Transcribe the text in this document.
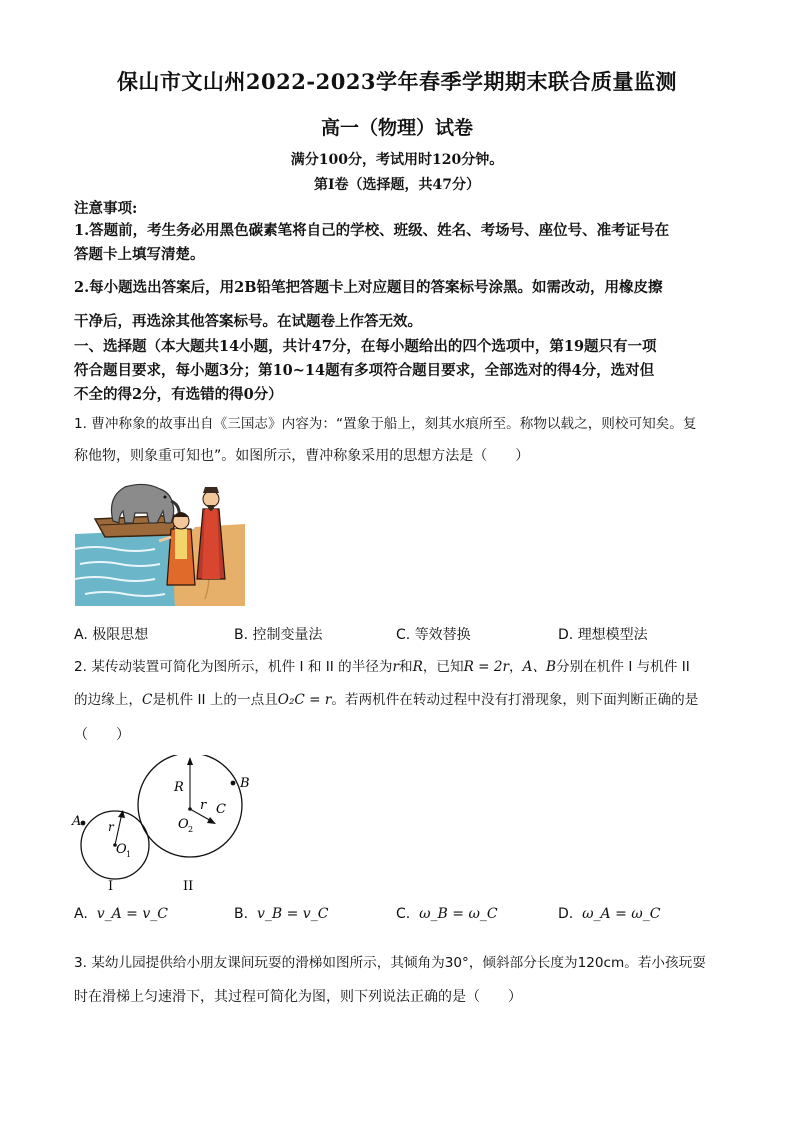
保山市文山州2022-2023学年春季学期期末联合质量监测
高一（物理）试卷
满分100分，考试用时120分钟。
第I卷（选择题，共47分）
注意事项:
1.答题前，考生务必用黑色碳素笔将自己的学校、班级、姓名、考场号、座位号、准考证号在
答题卡上填写清楚。
2.每小题选出答案后，用2B铅笔把答题卡上对应题目的答案标号涂黑。如需改动，用橡皮擦
干净后，再选涂其他答案标号。在试题卷上作答无效。
一、选择题（本大题共14小题，共计47分，在每小题给出的四个选项中，第19题只有一项
符合题目要求，每小题3分；第10~14题有多项符合题目要求，全部选对的得4分，选对但
不全的得2分，有选错的得0分）
1. 曹冲称象的故事出自《三国志》内容为：“置象于船上，刻其水痕所至。称物以载之，则校可知矣。复
称他物，则象重可知也”。如图所示，曹冲称象采用的思想方法是（　　）
A. 极限思想	B. 控制变量法	C. 等效替换	D. 理想模型法
2. 某传动装置可简化为图所示，机件 I 和 II 的半径为r和R，已知R = 2r，A、B分别在机件 I 与机件 II
的边缘上，C是机件 II 上的一点且O₂C = r。若两机件在转动过程中没有打滑现象，则下面判断正确的是
（　　）
R
r C
B
O 2
A r
O 1
I	II
A. v_A = v_C	B. v_B = v_C	C. ω_B = ω_C	D. ω_A = ω_C
3. 某幼儿园提供给小朋友课间玩耍的滑梯如图所示，其倾角为30°，倾斜部分长度为120cm。若小孩玩耍
时在滑梯上匀速滑下，其过程可简化为图，则下列说法正确的是（　　）
